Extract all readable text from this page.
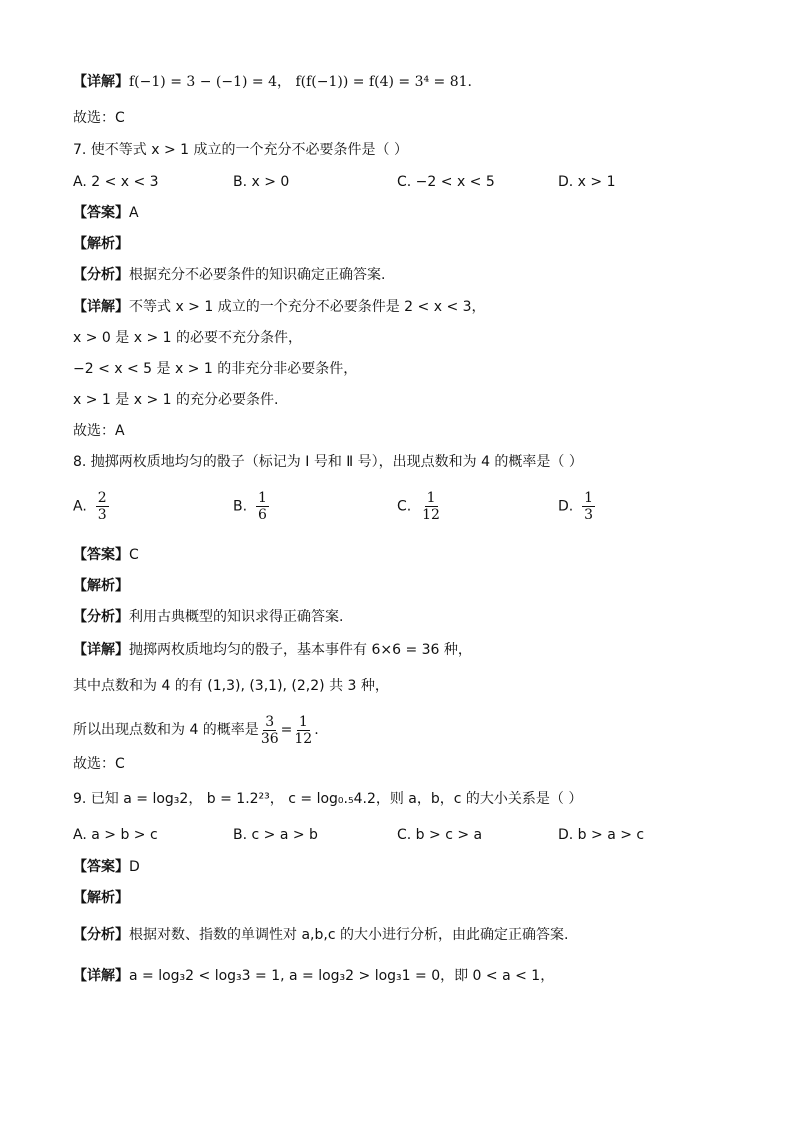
【详解】f(−1) = 3 − (−1) = 4， f(f(−1)) = f(4) = 3⁴ = 81.
故选：C
7. 使不等式 x > 1 成立的一个充分不必要条件是（ ）
A. 2 < x < 3	B. x > 0	C. −2 < x < 5	D. x > 1
【答案】A
【解析】
【分析】根据充分不必要条件的知识确定正确答案.
【详解】不等式 x > 1 成立的一个充分不必要条件是 2 < x < 3，
x > 0 是 x > 1 的必要不充分条件，
−2 < x < 5 是 x > 1 的非充分非必要条件，
x > 1 是 x > 1 的充分必要条件.
故选：A
8. 抛掷两枚质地均匀的骰子（标记为 Ⅰ 号和 Ⅱ 号），出现点数和为 4 的概率是（ ）
A. $\frac{2}{3}$	B. $\frac{1}{6}$	C. $\frac{1}{12}$	D. $\frac{1}{3}$
【答案】C
【解析】
【分析】利用古典概型的知识求得正确答案.
【详解】抛掷两枚质地均匀的骰子，基本事件有 6×6 = 36 种，
其中点数和为 4 的有 (1,3), (3,1), (2,2) 共 3 种，
所以出现点数和为 4 的概率是 $\frac{3}{36} = \frac{1}{12}$ .
故选：C
9. 已知 a = log₃2， b = 1.2²³， c = log₀.₅4.2，则 a，b，c 的大小关系是（ ）
A. a > b > c	B. c > a > b	C. b > c > a	D. b > a > c
【答案】D
【解析】
【分析】根据对数、指数的单调性对 a,b,c 的大小进行分析，由此确定正确答案.
【详解】a = log₃2 < log₃3 = 1, a = log₃2 > log₃1 = 0，即 0 < a < 1，
